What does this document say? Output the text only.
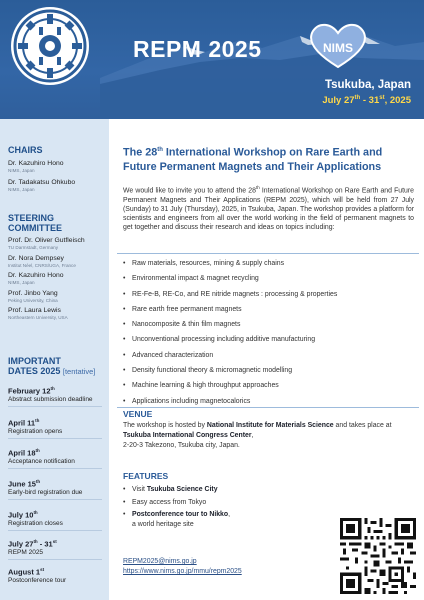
REPM 2025	NIMS
Tsukuba, Japan
July 27th - 31st, 2025
CHAIRS
Dr. Kazuhiro Hono
NIMS, Japan
Dr. Tadakatsu Ohkubo
NIMS, Japan
STEERING
COMMITTEE
Prof. Dr. Oliver Gutfleisch
TU Darmstadt, Germany
Dr. Nora Dempsey
Institut Néel, CNRS/UGA, France
Dr. Kazuhiro Hono
NIMS, Japan
Prof. Jinbo Yang
Peking University, China
Prof. Laura Lewis
Northeastern University, USA
IMPORTANT
DATES 2025 [tentative]
February 12th
Abstract submission deadline
April 11th
Registration opens
April 18th
Acceptance notification
June 15th
Early-bird registration due
July 10th
Registration closes
July 27th - 31st
REPM 2025
August 1st
Postconference tour
The 28th International Workshop on Rare Earth and Future Permanent Magnets and Their Applications
We would like to invite you to attend the 28th International Workshop on Rare Earth and Future Permanent Magnets and Their Applications (REPM 2025), which will be held from 27 July (Sunday) to 31 July (Thursday), 2025, in Tsukuba, Japan. The workshop provides a platform for scientists and engineers from all over the world working in the field of permanent magnets to get together and discuss their research and ideas on topics including:
• Raw materials, resources, mining & supply chains
• Environmental impact & magnet recycling
• RE-Fe-B, RE-Co, and RE nitride magnets : processing & properties
• Rare earth free permanent magnets
• Nanocomposite & thin film magnets
• Unconventional processing including additive manufacturing
• Advanced characterization
• Density functional theory & micromagnetic modelling
• Machine learning & high throughput approaches
• Applications including magnetocalorics
VENUE
The workshop is hosted by National Institute for Materials Science and takes place at Tsukuba International Congress Center,
2-20-3 Takezono, Tsukuba city, Japan.
FEATURES
• Visit Tsukuba Science City
• Easy access from Tokyo
• Postconference tour to Nikko,
a world heritage site
REPM2025@nims.go.jp
https://www.nims.go.jp/mmu/repm2025
